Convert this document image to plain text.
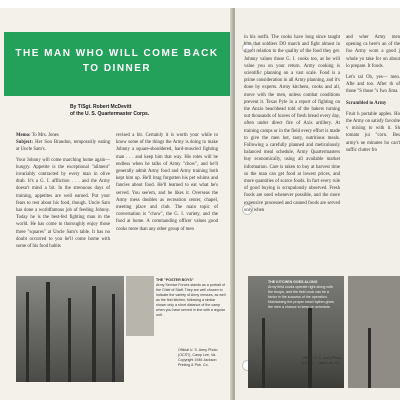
THE MAN WHO WILL COME BACK TO DINNER
By T/Sgt. Robert McDevitt
of the U. S. Quartermaster Corps.
Memo: To Mrs. Jones
Subject: Her Son Brandon, temporarily eating at Uncle Sam's.
Your Johnny will come marching home again—hungry. Appetite is the exceptional "ailment" invariably contracted by every man in olive drab. It's a G. I. affliction . . . and the Army doesn't mind a bit. In the strenuous days of training, appetites are well earned. Put your fears to rest about his food, though. Uncle Sam has done a worldfamous job of feeding Johnny. Today he is the best-fed fighting man in the world. He has come to thoroughly enjoy those three "squares" at Uncle Sam's table. It has no doubt occurred to you he'll come home with some of his food habits
revised a bit. Certainly it is worth your while to know some of the things the Army is doing to make Johnny a square-shouldered, hard-muscled fighting man . . . and keep him that way. His roles will be endless when he talks of Army "chow", and he'll generally admit Army food and Army training both kept him up. He'll brag forgotten his pet whims and fancies about food. He'll learned to eat what he's served. You see'em, and he likes it. Overseas the Army mess doubles as recreation center, chapel, meeting place and club. The main topic of conversation is "chow", the G. I. variety, and the food at home. A commanding officer values good cooks more than any other group of men
THE "POSTER BOYS"
Army Service Forces stands as a portrait of the Chief of Staff. They are well chosen to indicate the variety of Army messes, as well as the first kitchen, following a similar shown only a short distance of the camp when you have served in line with a regular unit.
Official U. S. Army Photo (OCST), Camp Lee, Va.
Copyright 1946 Jackson Printing & Pub. Co.
in his outfit. The cooks have long since taught him that soldiers DO march and fight almost in direct relation to the quality of the food they get. Johnny values those G. I. cooks too, as he will value you on your return. Army cooking is scientific planning on a vast scale. Food is a prime consideration in all Army planning, and it's done by experts. Army kitchens, cooks and all, move with the men, unless combat conditions prevent it. Texas Pyle in a report of fighting on the Anzio beachhead told of the bakers turning out thousands of loaves of fresh bread every day, often under direct fire of Axis artillery. At training camps or in the field every effort is made to give the men hot, tasty, nutritious meals. Following a carefully planned and meticulously balanced meal schedule, Army Quartermasters buy economically, using all available market information. Care is taken to buy at harvest time so the man can get food at lowest prices, and more quantities of scarce foods. In fact every rule of good buying is scrupulously observed. Fresh foods are used whenever possible, and the more expensive processed and canned foods are served only when
and wher Army men opening ca here's an of the foo Army wom a good j whole yo take for on about lo prepare. It foods.
Let's tal Oh, yes— men. Afte and too. After th of those "S those "s Iwo Jima.
Scrambled to Army
Fruit h portable apples. Ho the Army on satisfy favorite v mixing to with it. Sh tomato jui "corn. Bes army's ne minutes bo can't suffic clutter fro
THE KITCHEN GOES ALONG
Army field cooks operate right along with the troops, and the field cook can be a factor in the success of the operation. Maintaining the proper meal rhythm gives the men a chance to keep on schedule.
Official U. S. Army Photo (OCST), Camp Lee, Va.
7
